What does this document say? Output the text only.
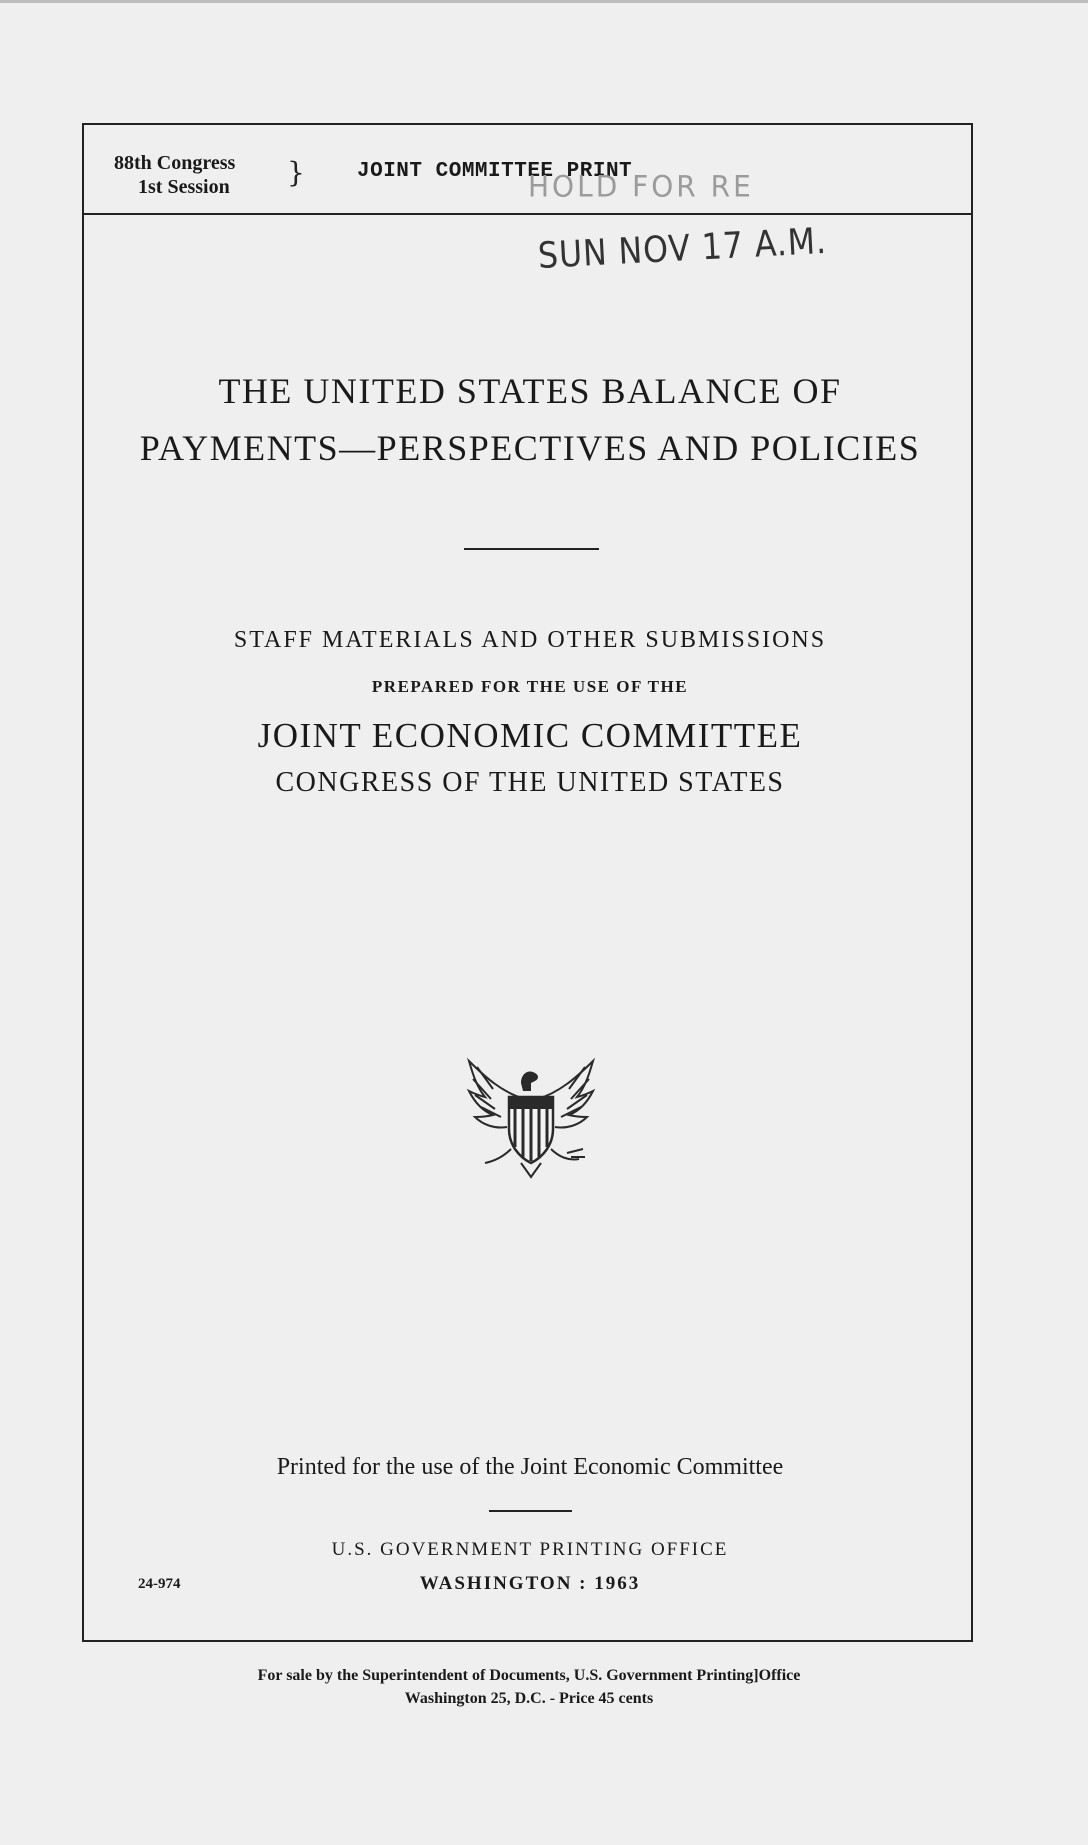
88th Congress
1st Session } JOINT COMMITTEE PRINT
HOLD FOR RE
SUN NOV 17 A.M.
THE UNITED STATES BALANCE OF
PAYMENTS—PERSPECTIVES AND POLICIES
STAFF MATERIALS AND OTHER SUBMISSIONS
PREPARED FOR THE USE OF THE
JOINT ECONOMIC COMMITTEE
CONGRESS OF THE UNITED STATES
Printed for the use of the Joint Economic Committee
U.S. GOVERNMENT PRINTING OFFICE
WASHINGTON : 1963
24-974
For sale by the Superintendent of Documents, U.S. Government Printing]Office
Washington 25, D.C. - Price 45 cents
